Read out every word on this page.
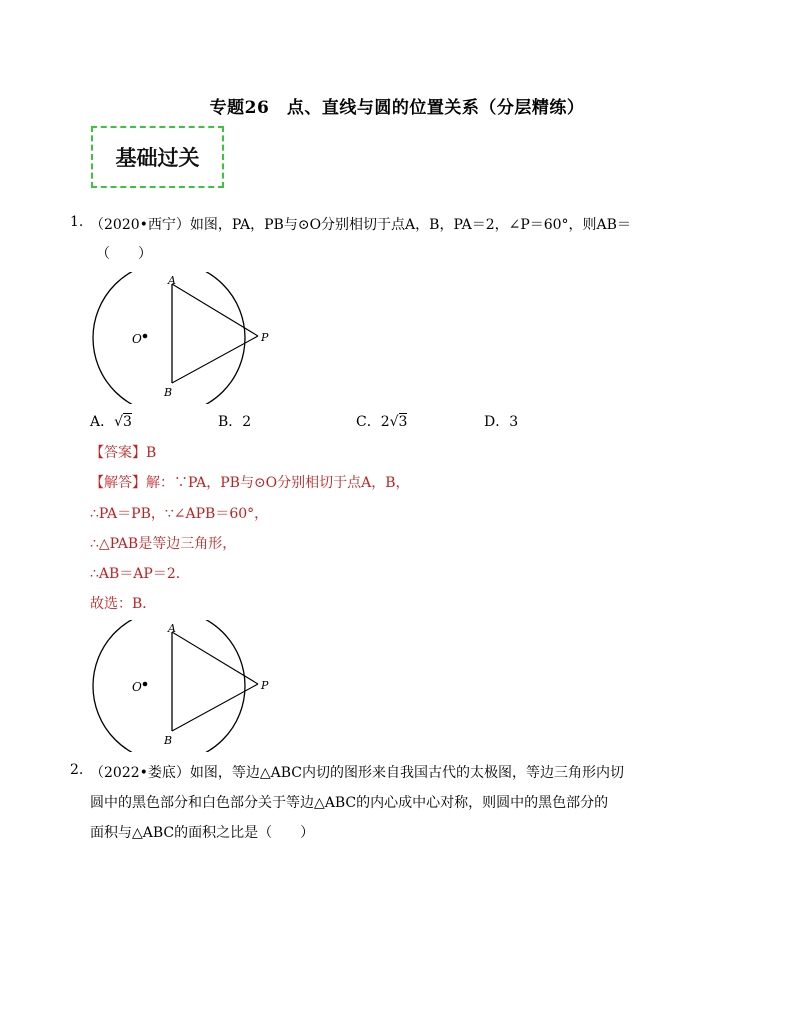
专题26　点、直线与圆的位置关系（分层精练）
基础过关
1. （2020•西宁）如图，PA，PB与⊙O分别相切于点A，B，PA＝2，∠P＝60°，则AB＝
（　　）
A
B
O	P
A．√3	B．2	C．2√3	D．3
【答案】B
【解答】解：∵PA，PB与⊙O分别相切于点A，B，
∴PA＝PB，∵∠APB＝60°，
∴△PAB是等边三角形，
∴AB＝AP＝2．
故选：B．
A
B
O	P
2. （2022•娄底）如图，等边△ABC内切的图形来自我国古代的太极图，等边三角形内切
圆中的黑色部分和白色部分关于等边△ABC的内心成中心对称，则圆中的黑色部分的
面积与△ABC的面积之比是（　　）
